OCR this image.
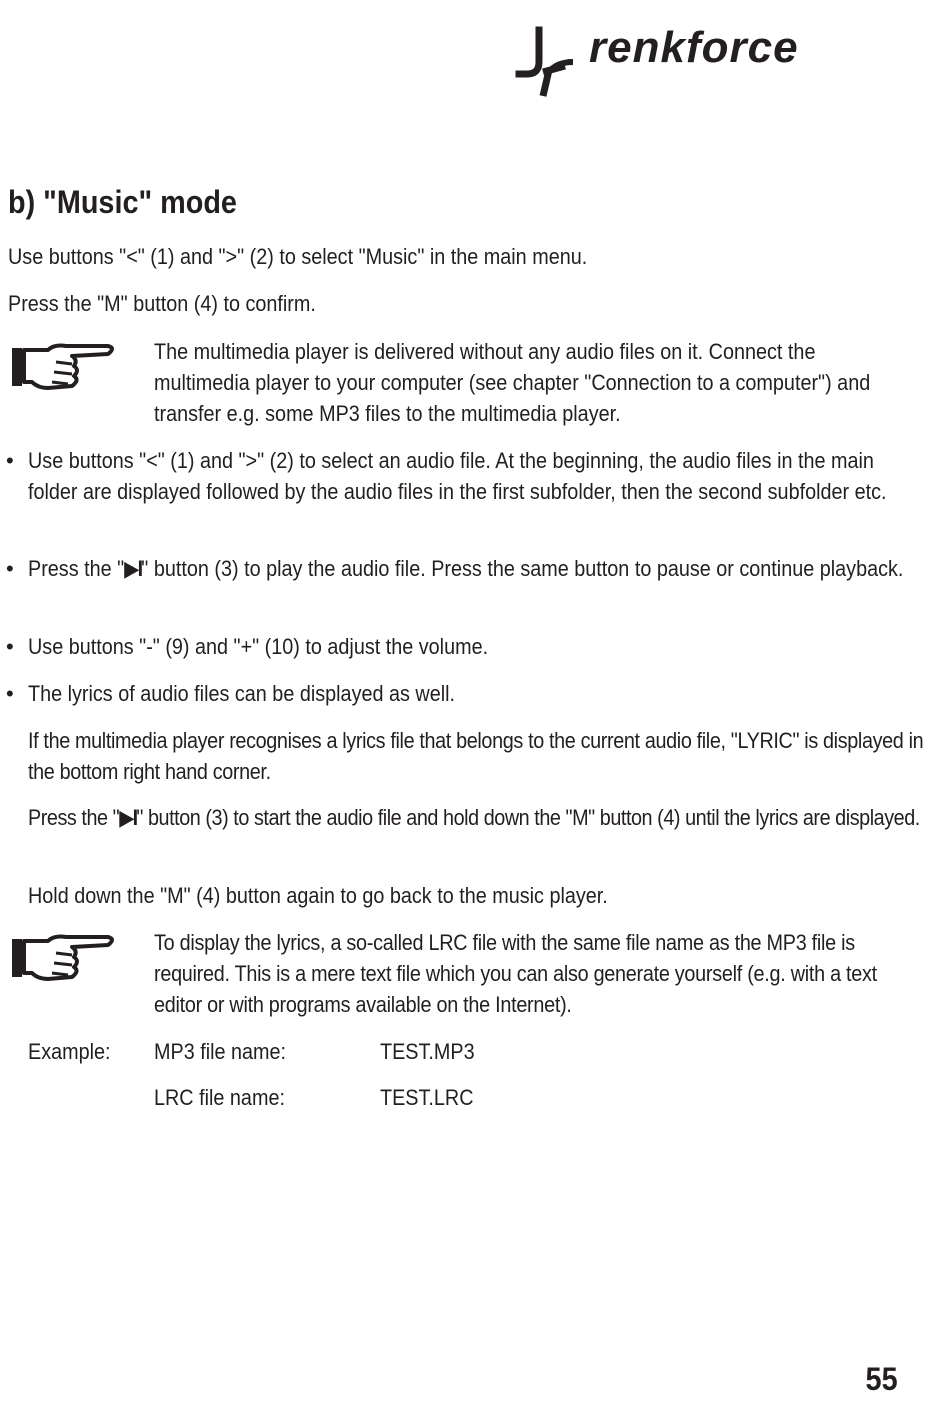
renkforce
b) "Music" mode

Use buttons "<" (1) and ">" (2) to select "Music" in the main menu.

Press the "M" button (4) to confirm.

The multimedia player is delivered without any audio files on it. Connect the multimedia player to your computer (see chapter "Connection to a computer") and transfer e.g. some MP3 files to the multimedia player.

• Use buttons "<" (1) and ">" (2) to select an audio file. At the beginning, the audio files in the main folder are displayed followed by the audio files in the first subfolder, then the second subfolder etc.

• Press the "▶I" button (3) to play the audio file. Press the same button to pause or continue playback.

• Use buttons "-" (9) and "+" (10) to adjust the volume.

• The lyrics of audio files can be displayed as well.

If the multimedia player recognises a lyrics file that belongs to the current audio file, "LYRIC" is displayed in the bottom right hand corner.

Press the "▶I" button (3) to start the audio file and hold down the "M" button (4) until the lyrics are displayed.

Hold down the "M" (4) button again to go back to the music player.

To display the lyrics, a so-called LRC file with the same file name as the MP3 file is required. This is a mere text file which you can also generate yourself (e.g. with a text editor or with programs available on the Internet).

Example: MP3 file name:	TEST.MP3
LRC file name:	TEST.LRC
55
